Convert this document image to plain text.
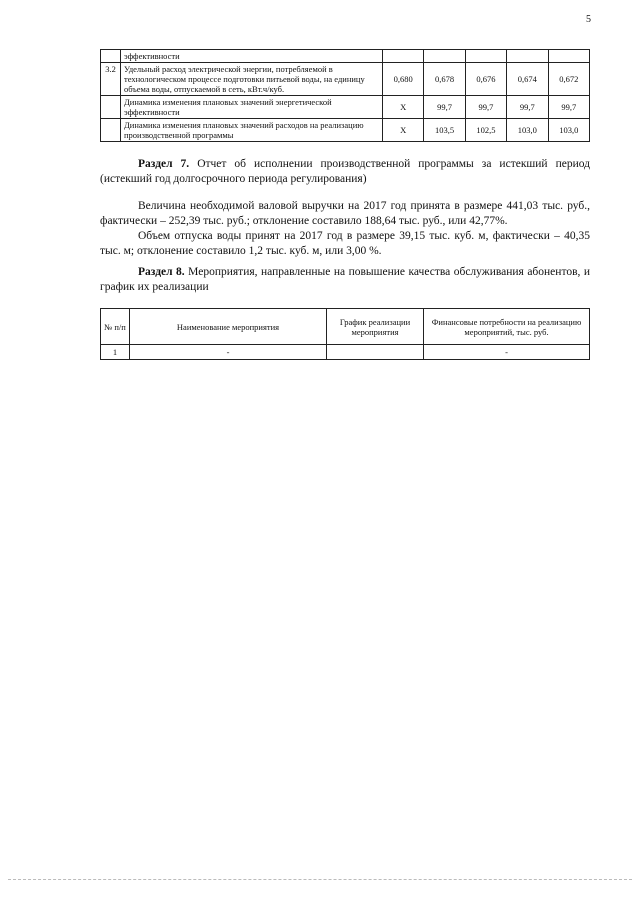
5
	эффективности					
3.2	Удельный расход электрической энергии, потребляемой в технологическом процессе подготовки питьевой воды, на единицу объема воды, отпускаемой в сеть, кВт.ч/куб.	0,680	0,678	0,676	0,674	0,672
	Динамика изменения плановых значений энергетической эффективности	X	99,7	99,7	99,7	99,7
	Динамика изменения плановых значений расходов на реализацию производственной программы	X	103,5	102,5	103,0	103,0
Раздел 7. Отчет об исполнении производственной программы за истекший период (истекший год долгосрочного периода регулирования)
Величина необходимой валовой выручки на 2017 год принята в размере 441,03 тыс. руб., фактически – 252,39 тыс. руб.; отклонение составило 188,64 тыс. руб., или 42,77%.
Объем отпуска воды принят на 2017 год в размере 39,15 тыс. куб. м, фактически – 40,35 тыс. м; отклонение составило 1,2 тыс. куб. м, или 3,00 %.
Раздел 8. Мероприятия, направленные на повышение качества обслуживания абонентов, и график их реализации
№ п/п	Наименование мероприятия	График реализации мероприятия	Финансовые потребности на реализацию мероприятий, тыс. руб.
1	-		-
